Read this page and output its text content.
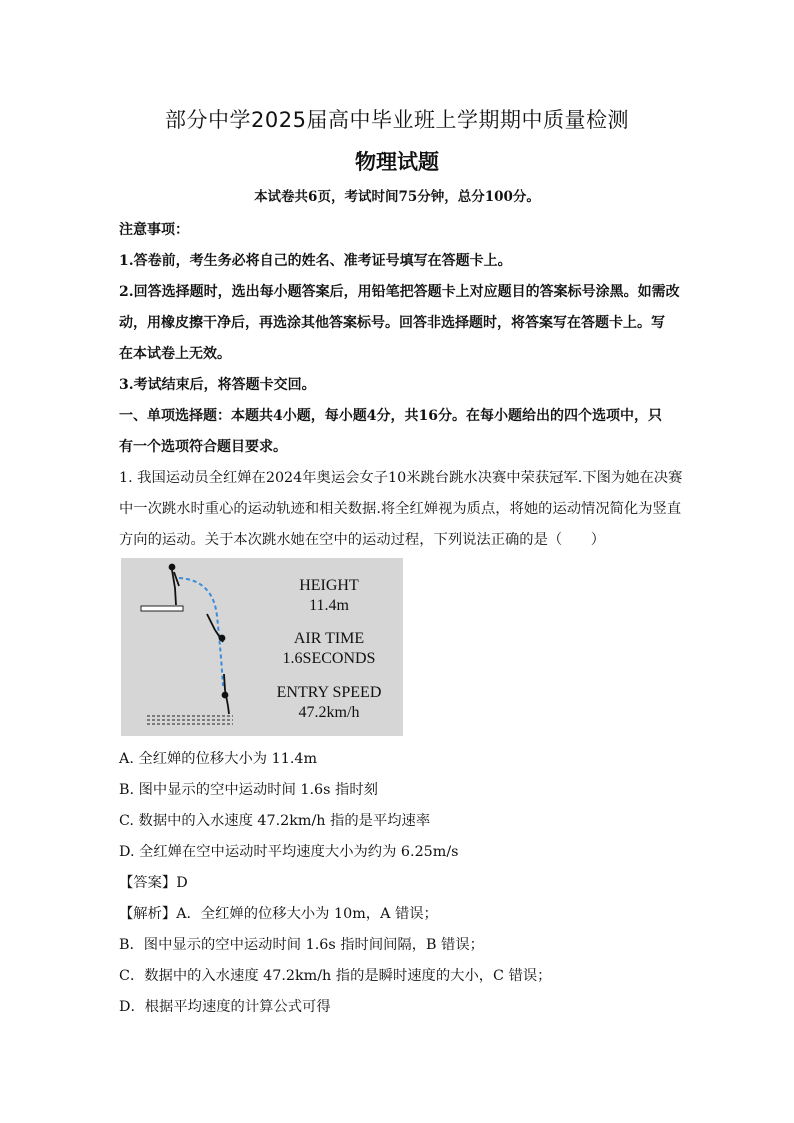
部分中学2025届高中毕业班上学期期中质量检测
物理试题
本试卷共6页，考试时间75分钟，总分100分。
注意事项：
1.答卷前，考生务必将自己的姓名、准考证号填写在答题卡上。
2.回答选择题时，选出每小题答案后，用铅笔把答题卡上对应题目的答案标号涂黑。如需改
动，用橡皮擦干净后，再选涂其他答案标号。回答非选择题时，将答案写在答题卡上。写
在本试卷上无效。
3.考试结束后，将答题卡交回。
一、单项选择题：本题共4小题，每小题4分，共16分。在每小题给出的四个选项中，只
有一个选项符合题目要求。
1. 我国运动员全红婵在2024年奥运会女子10米跳台跳水决赛中荣获冠军.下图为她在决赛
中一次跳水时重心的运动轨迹和相关数据.将全红婵视为质点，将她的运动情况简化为竖直
方向的运动。关于本次跳水她在空中的运动过程，下列说法正确的是（　　）
HEIGHT
11.4m
AIR TIME
1.6SECONDS
ENTRY SPEED
47.2km/h
A. 全红婵的位移大小为 11.4m
B. 图中显示的空中运动时间 1.6s 指时刻
C. 数据中的入水速度 47.2km/h 指的是平均速率
D. 全红婵在空中运动时平均速度大小为约为 6.25m/s
【答案】D
【解析】A．全红婵的位移大小为 10m，A 错误；
B．图中显示的空中运动时间 1.6s 指时间间隔，B 错误；
C．数据中的入水速度 47.2km/h 指的是瞬时速度的大小，C 错误；
D．根据平均速度的计算公式可得
